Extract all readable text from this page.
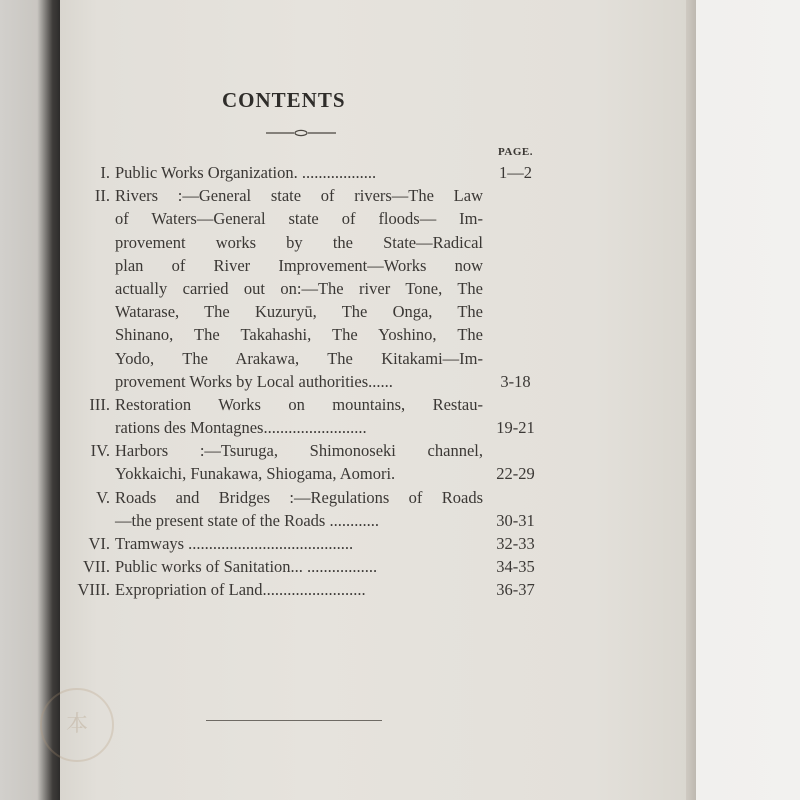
CONTENTS
PAGE.
I. Public Works Organization. ..................	1—2
II. Rivers :—General state of rivers—The Law
of Waters—General state of floods— Im-
provement works by the State—Radical
plan of River Improvement—Works now
actually carried out on:—The river Tone, The
Watarase, The Kuzuryū, The Onga, The
Shinano, The Takahashi, The Yoshino, The
Yodo, The Arakawa, The Kitakami—Im-
provement Works by Local authorities......	3-18
III. Restoration Works on mountains, Restau-
rations des Montagnes.........................	19-21
IV. Harbors :—Tsuruga, Shimonoseki channel,
Yokkaichi, Funakawa, Shiogama, Aomori.	22-29
V. Roads and Bridges :—Regulations of Roads
—the present state of the Roads ............	30-31
VI. Tramways ........................................	32-33
VII. Public works of Sanitation... .................	34-35
VIII. Expropriation of Land.........................	36-37
本
